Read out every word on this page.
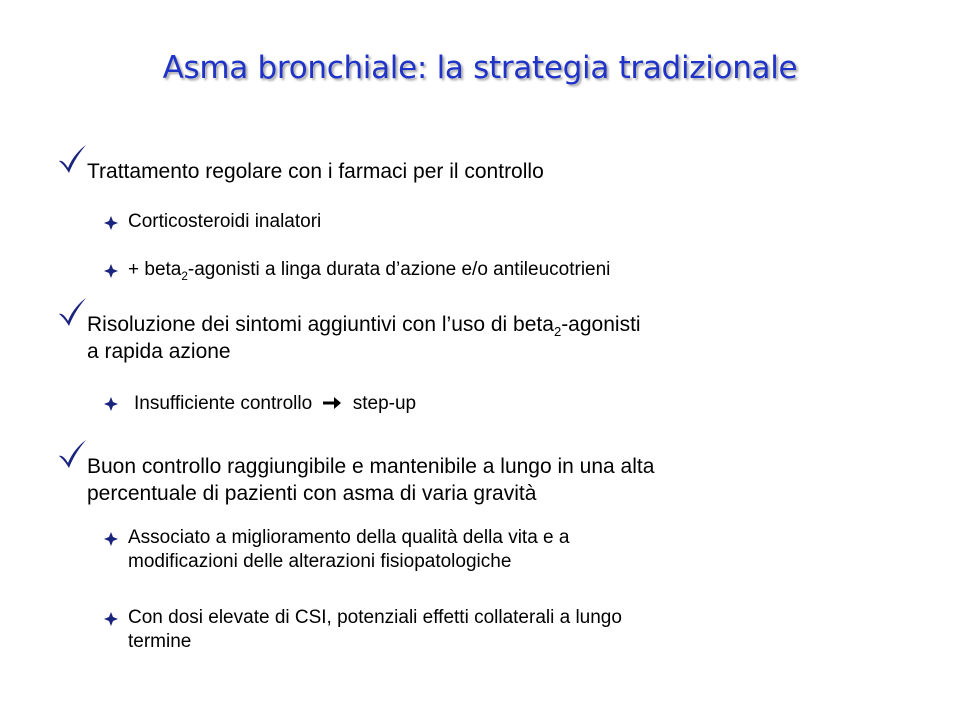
Asma bronchiale: la strategia tradizionale
Trattamento regolare con i farmaci per il controllo
Corticosteroidi inalatori
+ beta$_2$-agonisti a linga durata d’azione e/o antileucotrieni
Risoluzione dei sintomi aggiuntivi con l’uso di beta$_2$-agonisti
a rapida azione
Insufficiente controllo step-up
Buon controllo raggiungibile e mantenibile a lungo in una alta
percentuale di pazienti con asma di varia gravità
Associato a miglioramento della qualità della vita e a
modificazioni delle alterazioni fisiopatologiche
Con dosi elevate di CSI, potenziali effetti collaterali a lungo
termine
